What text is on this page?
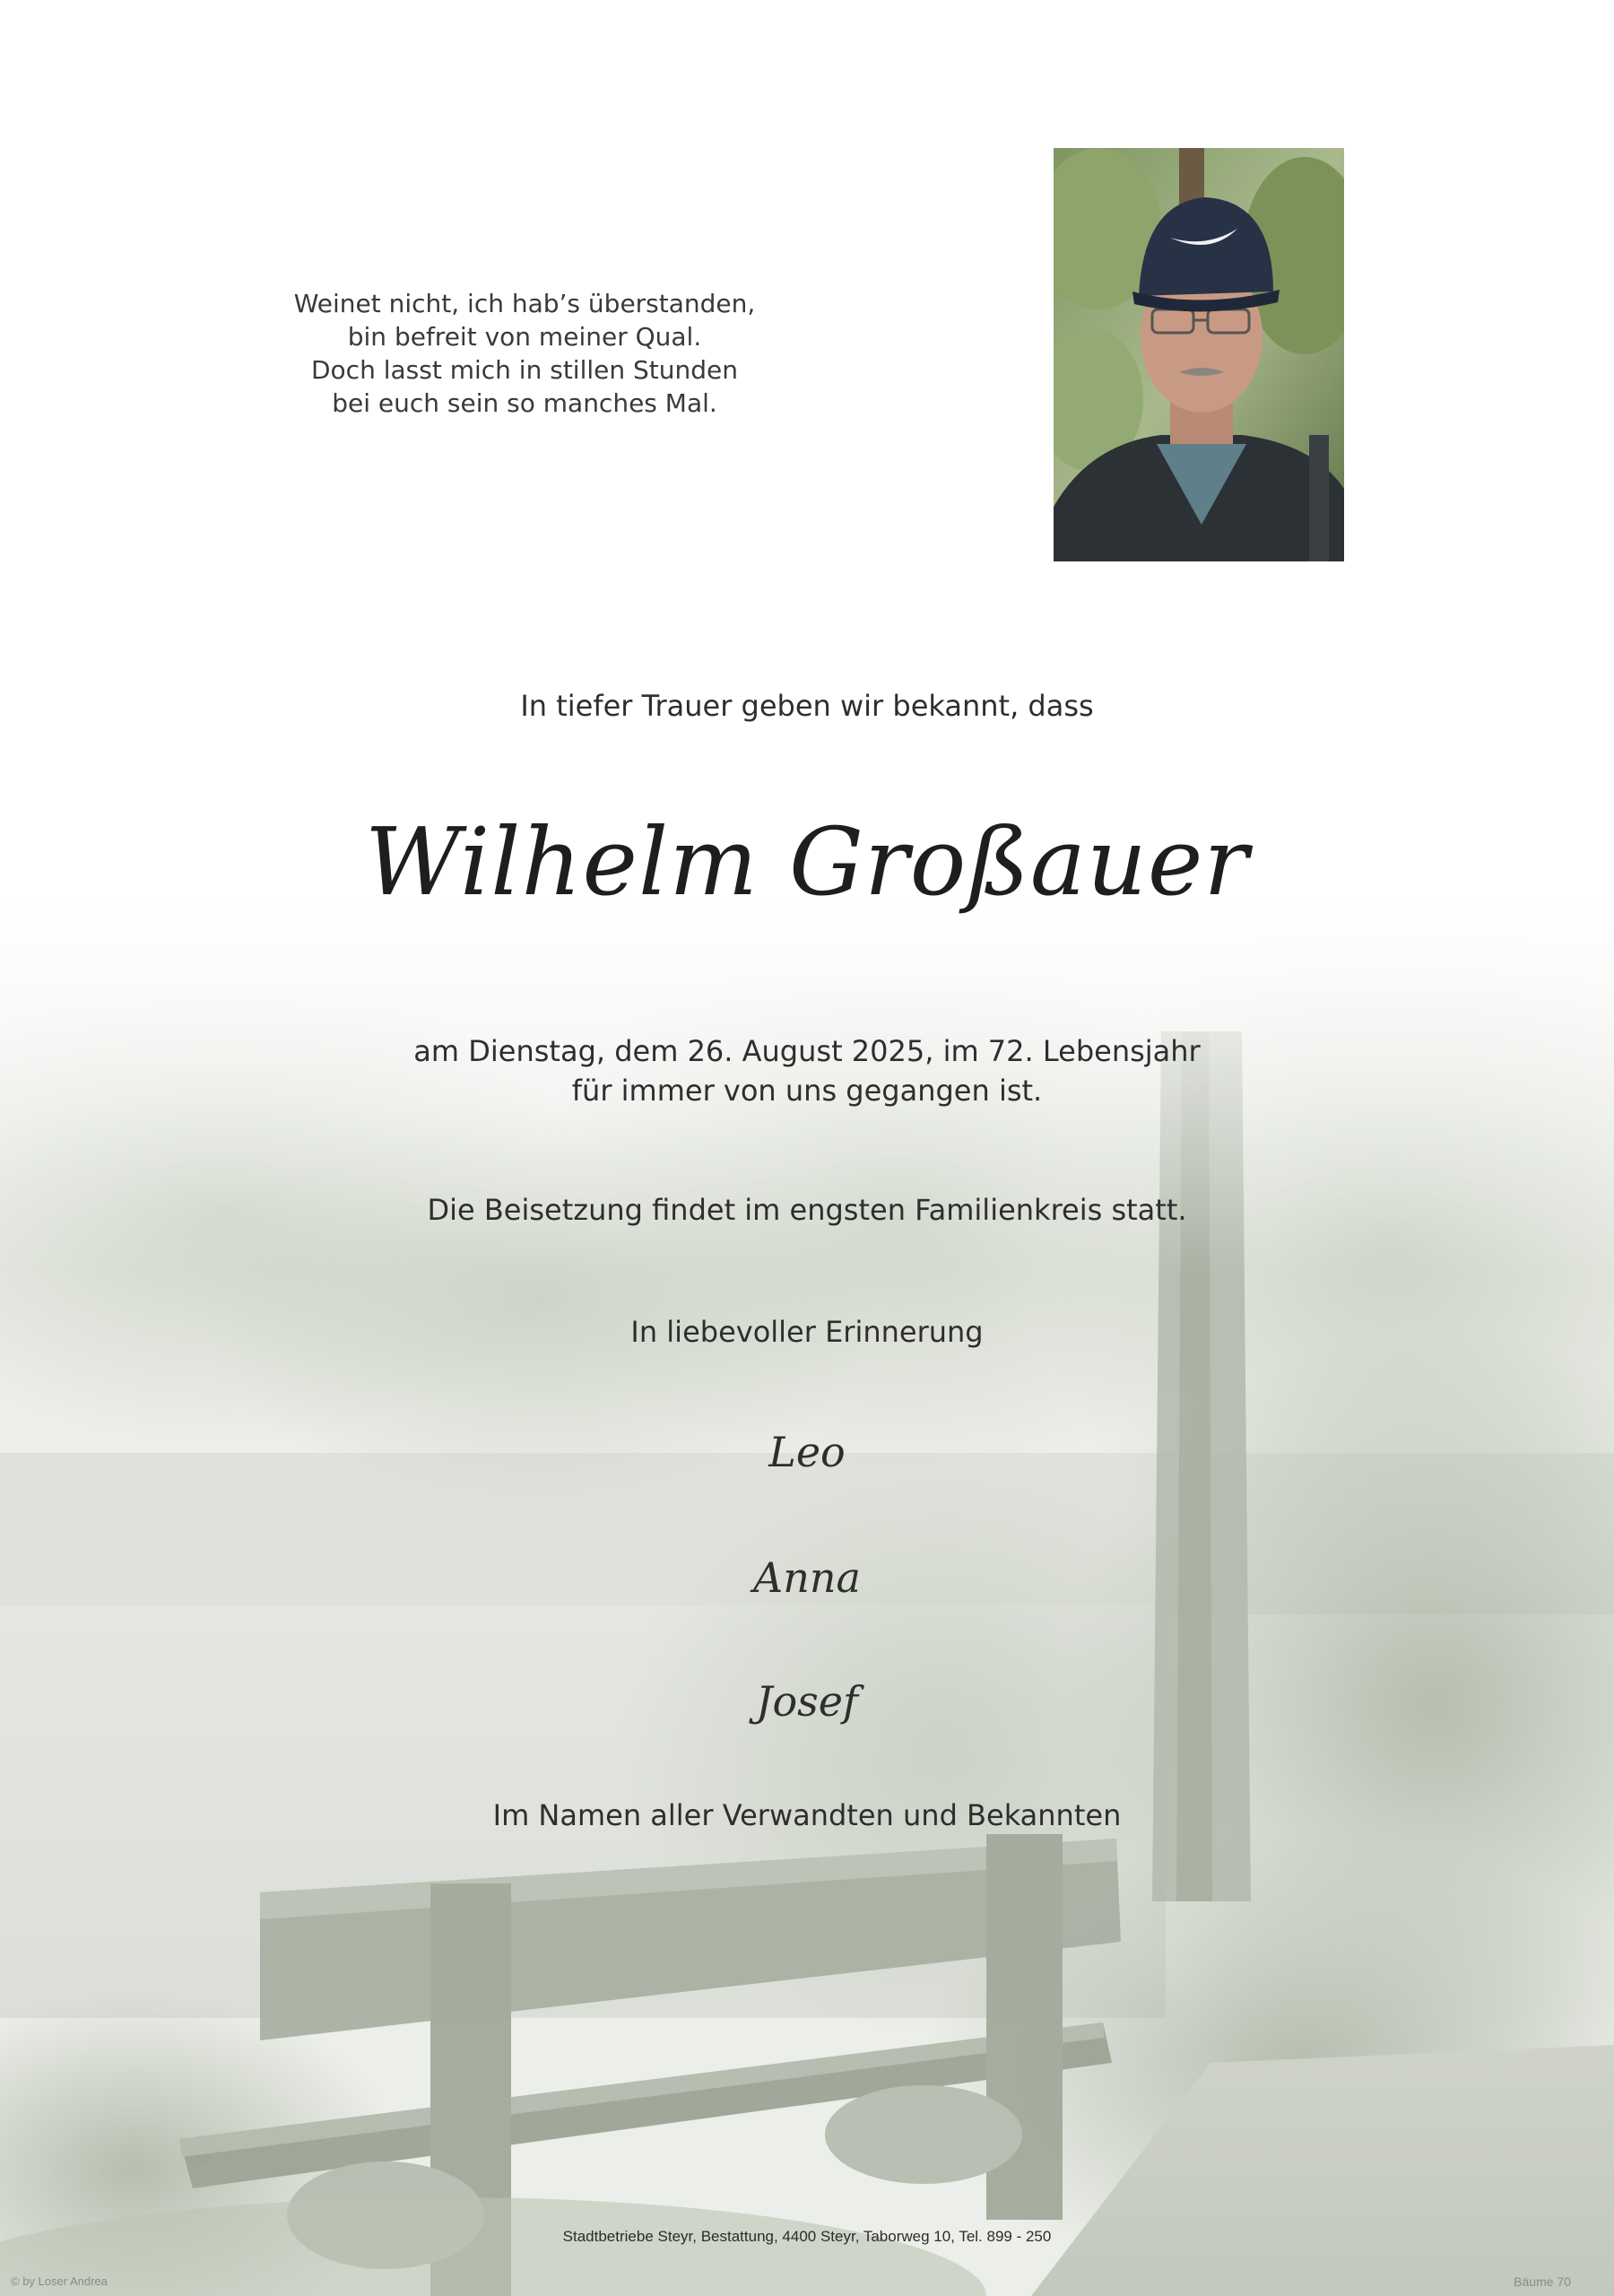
Weinet nicht, ich hab’s überstanden,
bin befreit von meiner Qual.
Doch lasst mich in stillen Stunden
bei euch sein so manches Mal.
In tiefer Trauer geben wir bekannt, dass
Wilhelm Großauer
am Dienstag, dem 26. August 2025, im 72. Lebensjahr
für immer von uns gegangen ist.
Die Beisetzung findet im engsten Familienkreis statt.
In liebevoller Erinnerung
Leo
Anna
Josef
Im Namen aller Verwandten und Bekannten
Stadtbetriebe Steyr, Bestattung, 4400 Steyr, Taborweg 10, Tel. 899 - 250
© by Loser Andrea	Bäume 70
